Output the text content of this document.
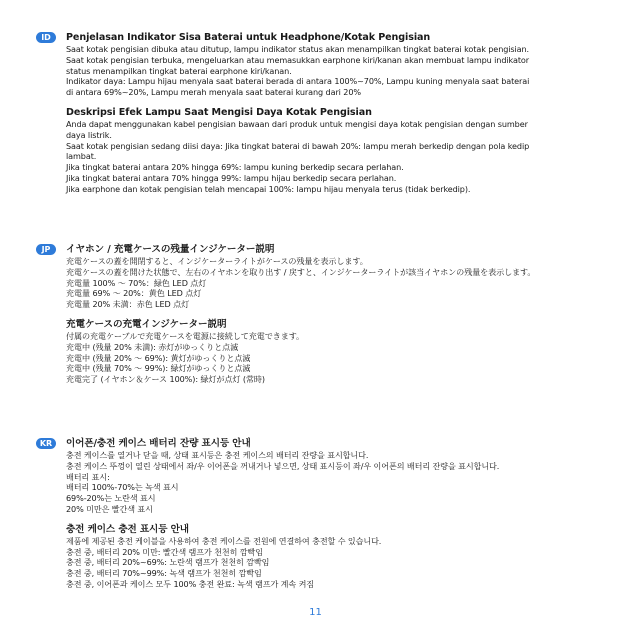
ID	Penjelasan Indikator Sisa Baterai untuk Headphone/Kotak Pengisian

Saat kotak pengisian dibuka atau ditutup, lampu indikator status akan menampilkan tingkat baterai kotak pengisian.

Saat kotak pengisian terbuka, mengeluarkan atau memasukkan earphone kiri/kanan akan membuat lampu indikator

status menampilkan tingkat baterai earphone kiri/kanan.

Indikator daya: Lampu hijau menyala saat baterai berada di antara 100%~70%, Lampu kuning menyala saat baterai

di antara 69%~20%, Lampu merah menyala saat baterai kurang dari 20%

Deskripsi Efek Lampu Saat Mengisi Daya Kotak Pengisian

Anda dapat menggunakan kabel pengisian bawaan dari produk untuk mengisi daya kotak pengisian dengan sumber

daya listrik.

Saat kotak pengisian sedang diisi daya: Jika tingkat baterai di bawah 20%: lampu merah berkedip dengan pola kedip

lambat.

Jika tingkat baterai antara 20% hingga 69%: lampu kuning berkedip secara perlahan.

Jika tingkat baterai antara 70% hingga 99%: lampu hijau berkedip secara perlahan.

Jika earphone dan kotak pengisian telah mencapai 100%: lampu hijau menyala terus (tidak berkedip).

JP	イヤホン / 充電ケースの残量インジケーター説明

充電ケースの蓋を開閉すると、インジケーターライトがケースの残量を表示します。

充電ケースの蓋を開けた状態で、左右のイヤホンを取り出す / 戻すと、インジケーターライトが該当イヤホンの残量を表示します。

充電量 100% ～ 70%：緑色 LED 点灯

充電量 69% ～ 20%：黄色 LED 点灯

充電量 20% 未満：赤色 LED 点灯

充電ケースの充電インジケーター説明

付属の充電ケーブルで充電ケースを電源に接続して充電できます。

充電中 (残量 20% 未満): 赤灯がゆっくりと点滅

充電中 (残量 20% ～ 69%): 黄灯がゆっくりと点滅

充電中 (残量 70% ～ 99%): 緑灯がゆっくりと点滅

充電完了 (イヤホン＆ケース 100%): 緑灯が点灯 (常時)

KR	이어폰/충전 케이스 배터리 잔량 표시등 안내

충전 케이스를 열거나 닫을 때, 상태 표시등은 충전 케이스의 배터리 잔량을 표시합니다.

충전 케이스 뚜껑이 열린 상태에서 좌/우 이어폰을 꺼내거나 넣으면, 상태 표시등이 좌/우 이어폰의 배터리 잔량을 표시합니다.

배터리 표시:

배터리 100%-70%는 녹색 표시

69%-20%는 노란색 표시

20% 미만은 빨간색 표시

충전 케이스 충전 표시등 안내

제품에 제공된 충전 케이블을 사용하여 충전 케이스를 전원에 연결하여 충전할 수 있습니다.

충전 중, 배터리 20% 미만: 빨간색 램프가 천천히 깜빡임

충전 중, 배터리 20%~69%: 노란색 램프가 천천히 깜빡임

충전 중, 배터리 70%~99%: 녹색 램프가 천천히 깜빡임

충전 중, 이어폰과 케이스 모두 100% 충전 완료: 녹색 램프가 계속 켜짐

11
